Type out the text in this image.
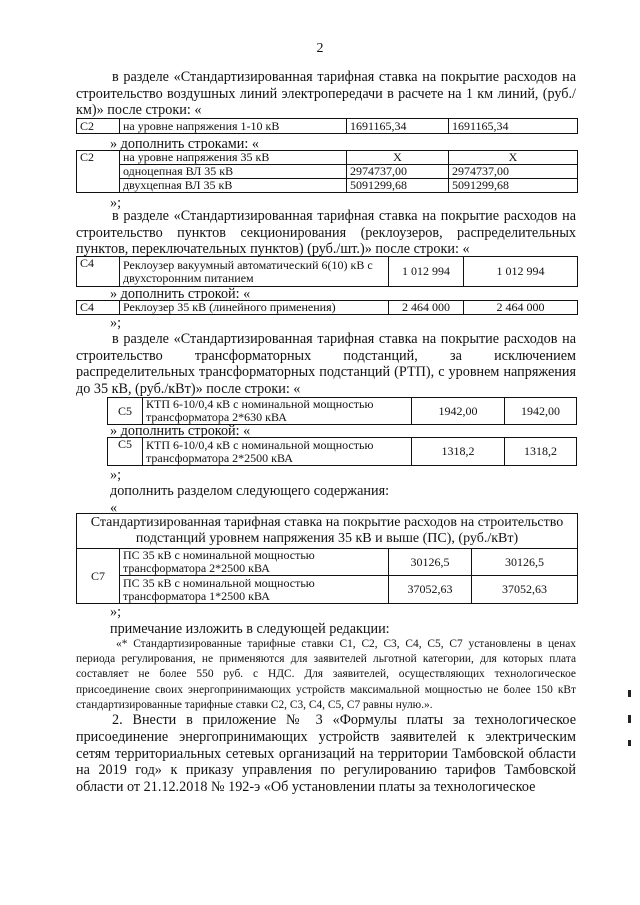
2
в разделе «Стандартизированная тарифная ставка на покрытие расходов на строительство воздушных линий электропередачи в расчете на 1 км линий, (руб./км)» после строки: «
С2	на уровне напряжения 1-10 кВ	1691165,34	1691165,34
» дополнить строками: «
С2	на уровне напряжения 35 кВ	X	X
	одноцепная ВЛ 35 кВ	2974737,00	2974737,00
	двухцепная ВЛ 35 кВ	5091299,68	5091299,68
»;
в разделе «Стандартизированная тарифная ставка на покрытие расходов на строительство пунктов секционирования (реклоузеров, распределительных пунктов, переключательных пунктов) (руб./шт.)» после строки: «
С4	Реклоузер вакуумный автоматический 6(10) кВ с двухсторонним питанием	1 012 994	1 012 994
» дополнить строкой: «
С4	Реклоузер 35 кВ (линейного применения)	2 464 000	2 464 000
»;
в разделе «Стандартизированная тарифная ставка на покрытие расходов на строительство трансформаторных подстанций, за исключением распределительных трансформаторных подстанций (РТП), с уровнем напряжения до 35 кВ, (руб./кВт)» после строки: «
С5	КТП 6-10/0,4 кВ с номинальной мощностью трансформатора 2*630 кВА	1942,00	1942,00
» дополнить строкой: «
С5	КТП 6-10/0,4 кВ с номинальной мощностью трансформатора 2*2500 кВА	1318,2	1318,2
»;
дополнить разделом следующего содержания:
«
Стандартизированная тарифная ставка на покрытие расходов на строительство подстанций уровнем напряжения 35 кВ и выше (ПС), (руб./кВт)			
С7	ПС 35 кВ с номинальной мощностью трансформатора 2*2500 кВА	30126,5	30126,5
	ПС 35 кВ с номинальной мощностью трансформатора 1*2500 кВА	37052,63	37052,63
»;
примечание изложить в следующей редакции:
«* Стандартизированные тарифные ставки С1, С2, С3, С4, С5, С7 установлены в ценах периода регулирования, не применяются для заявителей льготной категории, для которых плата составляет не более 550 руб. с НДС. Для заявителей, осуществляющих технологическое присоединение своих энергопринимающих устройств максимальной мощностью не более 150 кВт стандартизированные тарифные ставки С2, С3, С4, С5, С7 равны нулю.».
2. Внести в приложение № 3 «Формулы платы за технологическое присоединение энергопринимающих устройств заявителей к электрическим сетям территориальных сетевых организаций на территории Тамбовской области на 2019 год» к приказу управления по регулированию тарифов Тамбовской области от 21.12.2018 № 192-э «Об установлении платы за технологическое
